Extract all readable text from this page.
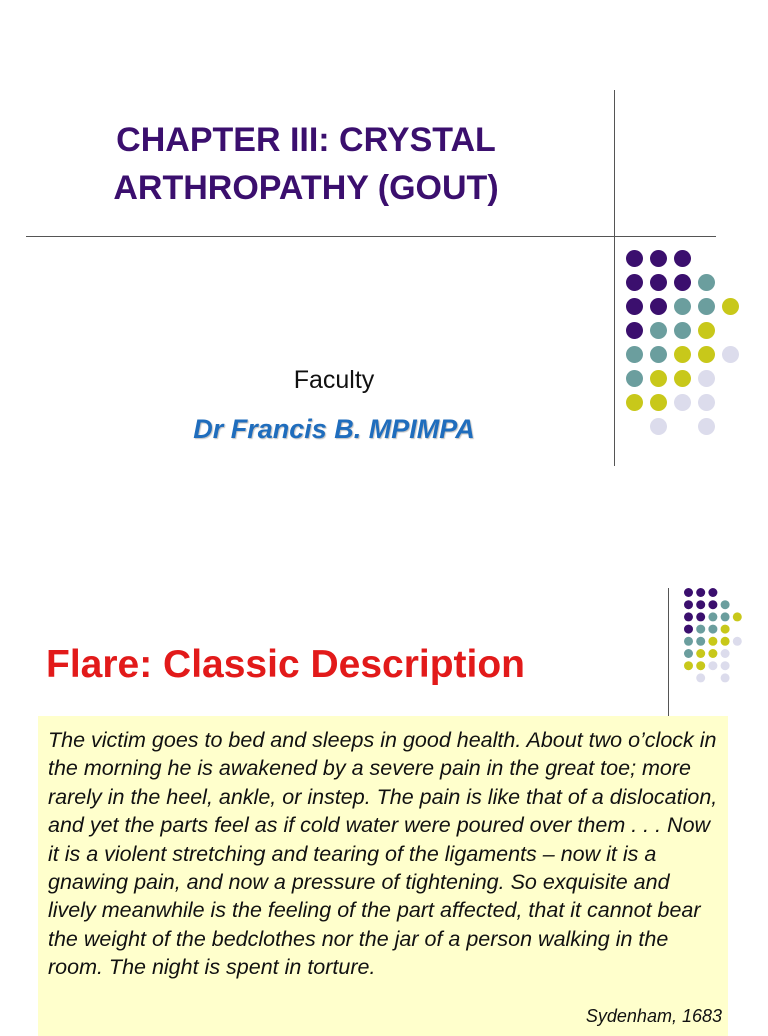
CHAPTER III: CRYSTAL
ARTHROPATHY (GOUT)
Faculty
Dr Francis B. MPIMPA
Flare: Classic Description

The victim goes to bed and sleeps in good health. About two o’clock in the morning he is awakened by a severe pain in the great toe; more rarely in the heel, ankle, or instep. The pain is like that of a dislocation, and yet the parts feel as if cold water were poured over them . . . Now it is a violent stretching and tearing of the ligaments – now it is a gnawing pain, and now a pressure of tightening. So exquisite and lively meanwhile is the feeling of the part affected, that it cannot bear the weight of the bedclothes nor the jar of a person walking in the room. The night is spent in torture.

Sydenham, 1683
